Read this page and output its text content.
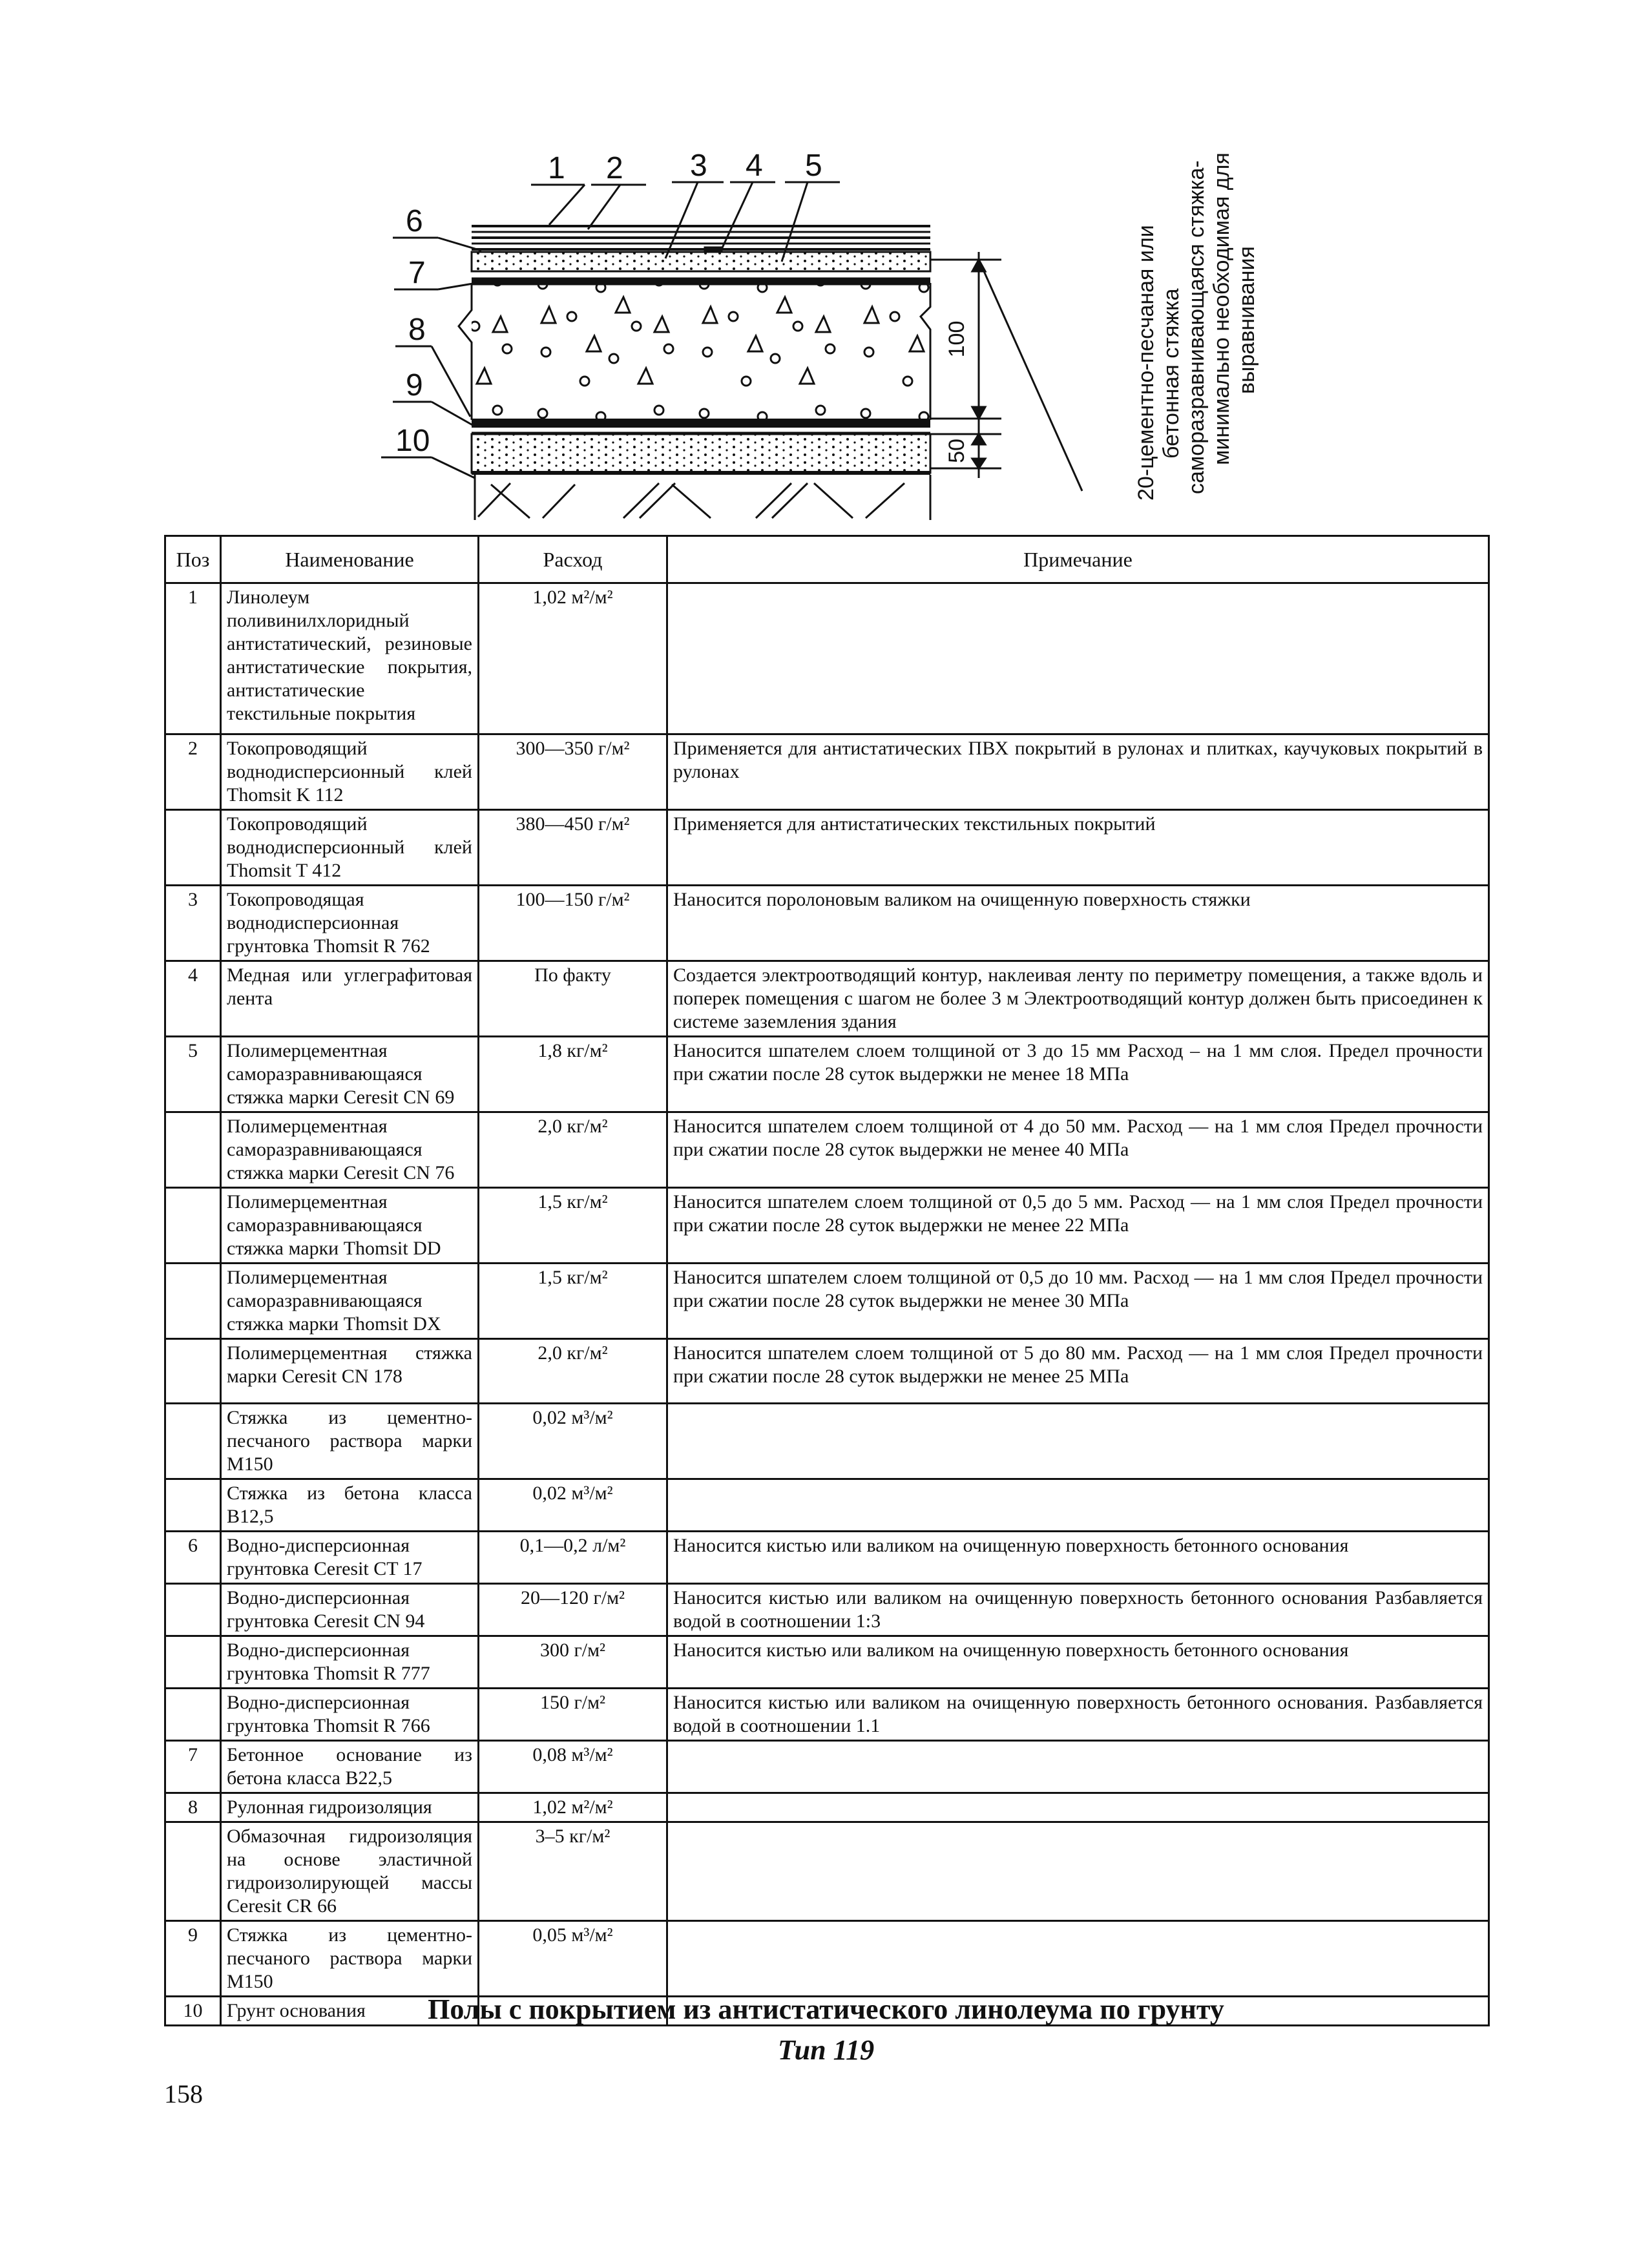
1 2 3 4 5
6
7
8
9
10
100
50	20-цементно-песчаная или бетонная стяжка саморазравнивающаяся стяжка- минимально необходимая для выравнивания
Поз	Наименование	Расход	Примечание
1	Линолеум поливинилхлоридный антистатический, резиновые антистатические покрытия, антистатические текстильные покрытия	1,02 м²/м²	
2	Токопроводящий воднодисперсионный клей Thomsit K 112	300—350 г/м²	Применяется для антистатических ПВХ покрытий в рулонах и плитках, каучуковых покрытий в рулонах
	Токопроводящий воднодисперсионный клей Thomsit T 412	380—450 г/м²	Применяется для антистатических текстильных покрытий
3	Токопроводящая воднодисперсионная грунтовка Thomsit R 762	100—150 г/м²	Наносится поролоновым валиком на очищенную поверхность стяжки
4	Медная или углеграфитовая лента	По факту	Создается электроотводящий контур, наклеивая ленту по периметру помещения, а также вдоль и поперек помещения с шагом не более 3 м Электроотводящий контур должен быть присоединен к системе заземления здания
5	Полимерцементная саморазравнивающаяся стяжка марки Ceresit CN 69	1,8 кг/м²	Наносится шпателем слоем толщиной от 3 до 15 мм Расход – на 1 мм слоя. Предел прочности при сжатии после 28 суток выдержки не менее 18 МПа
	Полимерцементная саморазравнивающаяся стяжка марки Ceresit CN 76	2,0 кг/м²	Наносится шпателем слоем толщиной от 4 до 50 мм. Расход — на 1 мм слоя Предел прочности при сжатии после 28 суток выдержки не менее 40 МПа
	Полимерцементная саморазравнивающаяся стяжка марки Thomsit DD	1,5 кг/м²	Наносится шпателем слоем толщиной от 0,5 до 5 мм. Расход — на 1 мм слоя Предел прочности при сжатии после 28 суток выдержки не менее 22 МПа
	Полимерцементная саморазравнивающаяся стяжка марки Thomsit DX	1,5 кг/м²	Наносится шпателем слоем толщиной от 0,5 до 10 мм. Расход — на 1 мм слоя Предел прочности при сжатии после 28 суток выдержки не менее 30 МПа
	Полимерцементная стяжка марки Ceresit CN 178	2,0 кг/м²	Наносится шпателем слоем толщиной от 5 до 80 мм. Расход — на 1 мм слоя Предел прочности при сжатии после 28 суток выдержки не менее 25 МПа
	Стяжка из цементно-песчаного раствора марки М150	0,02 м³/м²	
	Стяжка из бетона класса В12,5	0,02 м³/м²	
6	Водно-дисперсионная грунтовка Ceresit CT 17	0,1—0,2 л/м²	Наносится кистью или валиком на очищенную поверхность бетонного основания
	Водно-дисперсионная грунтовка Ceresit CN 94	20—120 г/м²	Наносится кистью или валиком на очищенную поверхность бетонного основания Разбавляется водой в соотношении 1:3
	Водно-дисперсионная грунтовка Thomsit R 777	300 г/м²	Наносится кистью или валиком на очищенную поверхность бетонного основания
	Водно-дисперсионная грунтовка Thomsit R 766	150 г/м²	Наносится кистью или валиком на очищенную поверхность бетонного основания. Разбавляется водой в соотношении 1.1
7	Бетонное основание из бетона класса В22,5	0,08 м³/м²	
8	Рулонная гидроизоляция	1,02 м²/м²	
	Обмазочная гидроизоляция на основе эластичной гидроизолирующей массы Ceresit CR 66	3–5 кг/м²	
9	Стяжка из цементно-песчаного раствора марки М150	0,05 м³/м²	
10	Грунт основания			Полы с покрытием из антистатического линолеума по грунту
Тип 119
158
